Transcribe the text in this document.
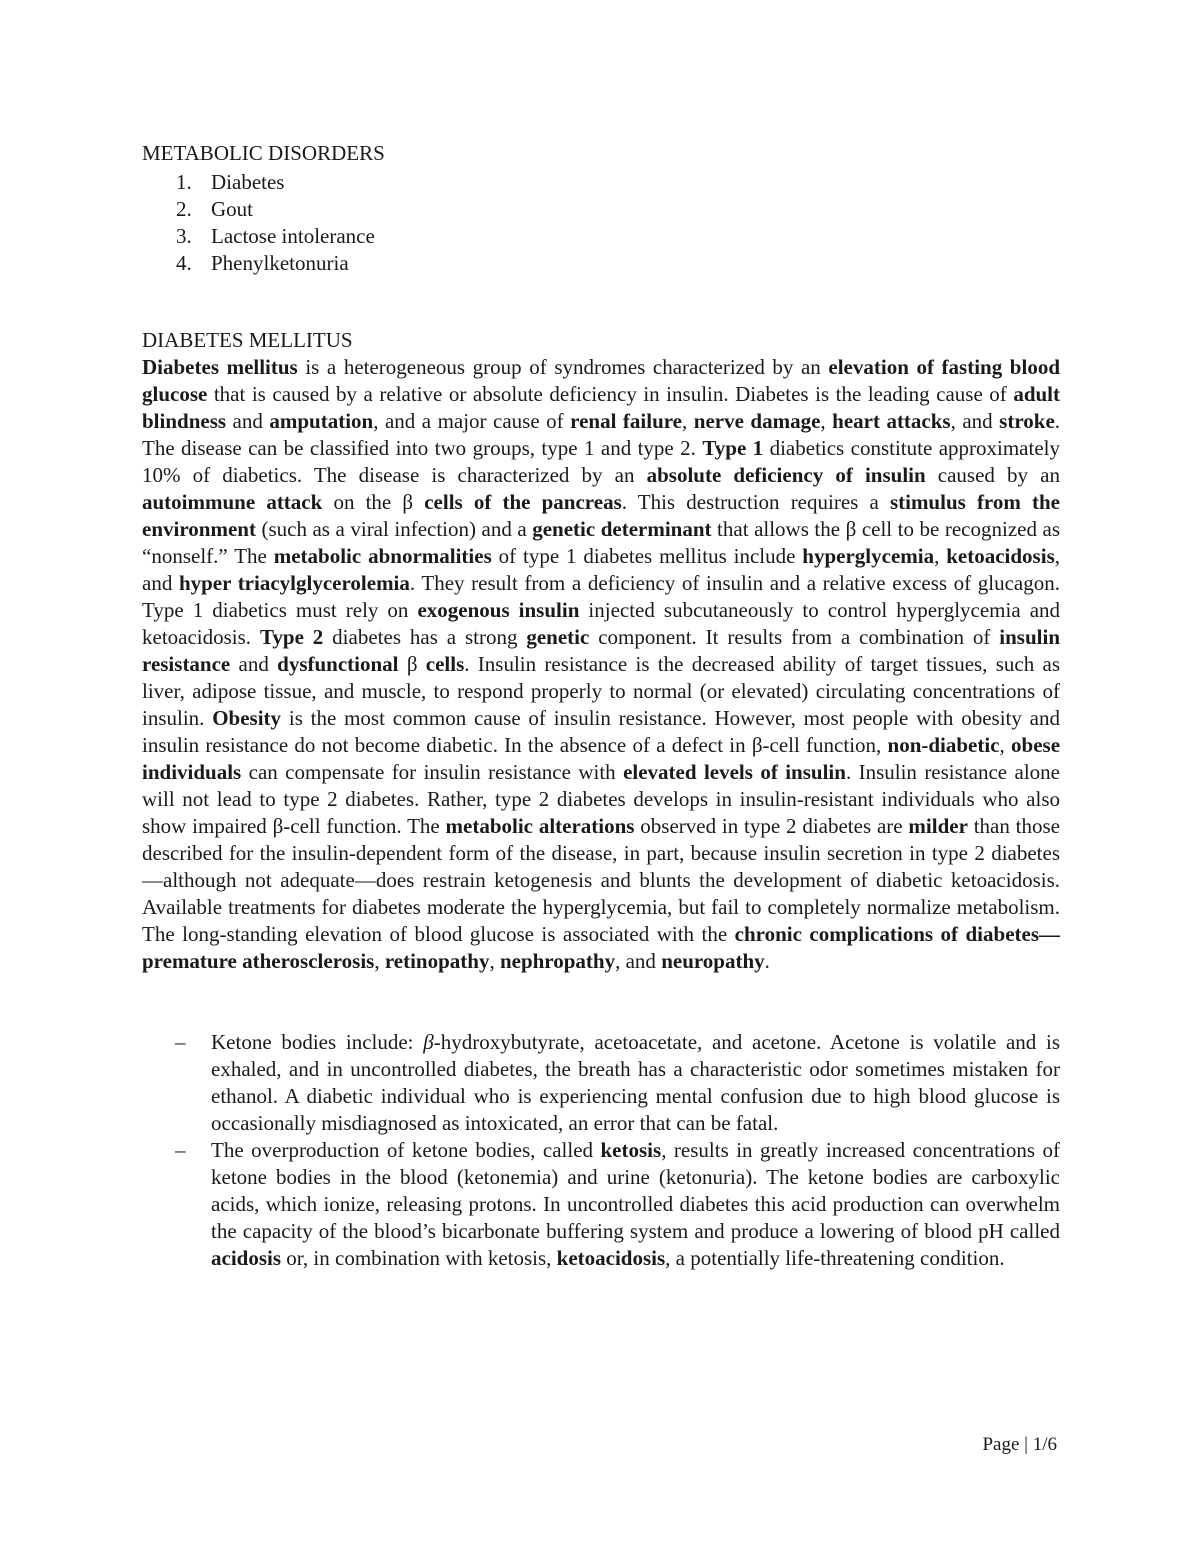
METABOLIC DISORDERS
1. Diabetes
2. Gout
3. Lactose intolerance
4. Phenylketonuria
DIABETES MELLITUS

Diabetes mellitus is a heterogeneous group of syndromes characterized by an elevation of fasting blood glucose that is caused by a relative or absolute deficiency in insulin. Diabetes is the leading cause of adult blindness and amputation, and a major cause of renal failure, nerve damage, heart attacks, and stroke. The disease can be classified into two groups, type 1 and type 2. Type 1 diabetics constitute approximately 10% of diabetics. The disease is characterized by an absolute deficiency of insulin caused by an autoimmune attack on the β cells of the pancreas. This destruction requires a stimulus from the environment (such as a viral infection) and a genetic determinant that allows the β cell to be recognized as “nonself.” The metabolic abnormalities of type 1 diabetes mellitus include hyperglycemia, ketoacidosis, and hyper triacylglycerolemia. They result from a deficiency of insulin and a relative excess of glucagon. Type 1 diabetics must rely on exogenous insulin injected subcutaneously to control hyperglycemia and ketoacidosis. Type 2 diabetes has a strong genetic component. It results from a combination of insulin resistance and dysfunctional β cells. Insulin resistance is the decreased ability of target tissues, such as liver, adipose tissue, and muscle, to respond properly to normal (or elevated) circulating concentrations of insulin. Obesity is the most common cause of insulin resistance. However, most people with obesity and insulin resistance do not become diabetic. In the absence of a defect in β-cell function, non-diabetic, obese individuals can compensate for insulin resistance with elevated levels of insulin. Insulin resistance alone will not lead to type 2 diabetes. Rather, type 2 diabetes develops in insulin-resistant individuals who also show impaired β-cell function. The metabolic alterations observed in type 2 diabetes are milder than those described for the insulin-dependent form of the disease, in part, because insulin secretion in type 2 diabetes—although not adequate—does restrain ketogenesis and blunts the development of diabetic ketoacidosis. Available treatments for diabetes moderate the hyperglycemia, but fail to completely normalize metabolism. The long-standing elevation of blood glucose is associated with the chronic complications of diabetes—premature atherosclerosis, retinopathy, nephropathy, and neuropathy.

– Ketone bodies include: β-hydroxybutyrate, acetoacetate, and acetone. Acetone is volatile and is exhaled, and in uncontrolled diabetes, the breath has a characteristic odor sometimes mistaken for ethanol. A diabetic individual who is experiencing mental confusion due to high blood glucose is occasionally misdiagnosed as intoxicated, an error that can be fatal.
– The overproduction of ketone bodies, called ketosis, results in greatly increased concentrations of ketone bodies in the blood (ketonemia) and urine (ketonuria). The ketone bodies are carboxylic acids, which ionize, releasing protons. In uncontrolled diabetes this acid production can overwhelm the capacity of the blood’s bicarbonate buffering system and produce a lowering of blood pH called acidosis or, in combination with ketosis, ketoacidosis, a potentially life-threatening condition.
Page | 1/6
